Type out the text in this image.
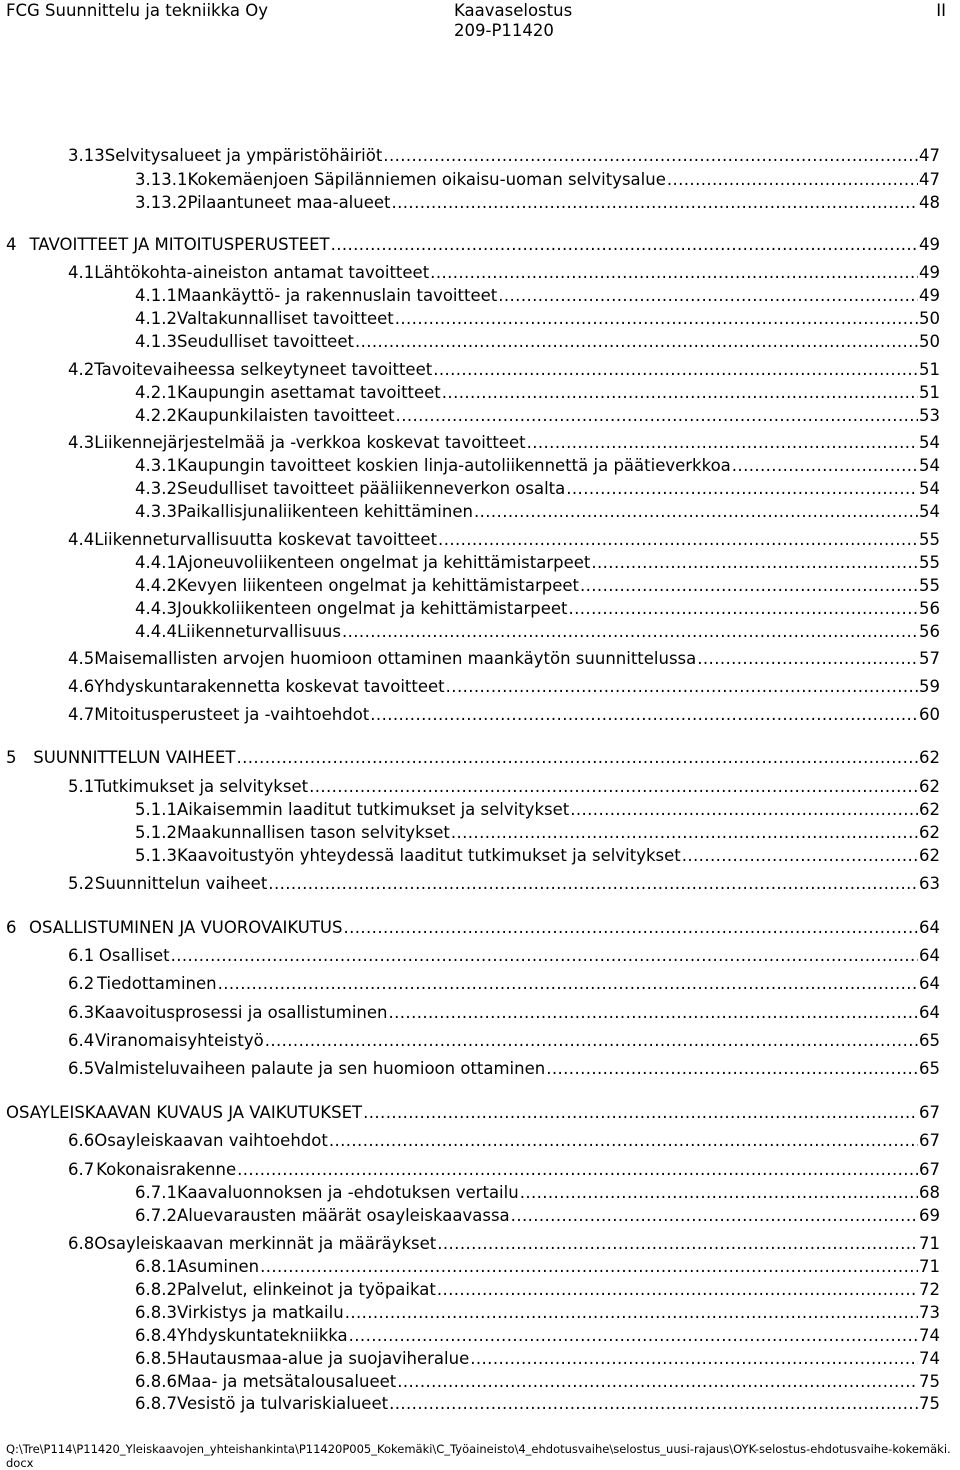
FCG Suunnittelu ja tekniikka Oy	Kaavaselostus
209-P11420
II
3.13 Selvitysalueet ja ympäristöhäiriöt .....	47
3.13.1 Kokemäenjoen Säpilänniemen oikaisu-uoman selvitysalue .....	47
3.13.2 Pilaantuneet maa-alueet .....	48
4 TAVOITTEET JA MITOITUSPERUSTEET .....	49
4.1 Lähtökohta-aineiston antamat tavoitteet .....	49
4.1.1 Maankäyttö- ja rakennuslain tavoitteet .....	49
4.1.2 Valtakunnalliset tavoitteet .....	50
4.1.3 Seudulliset tavoitteet .....	50
4.2 Tavoitevaiheessa selkeytyneet tavoitteet .....	51
4.2.1 Kaupungin asettamat tavoitteet .....	51
4.2.2 Kaupunkilaisten tavoitteet .....	53
4.3 Liikennejärjestelmää ja -verkkoa koskevat tavoitteet .....	54
4.3.1 Kaupungin tavoitteet koskien linja-autoliikennettä ja päätieverkkoa .....	54
4.3.2 Seudulliset tavoitteet pääliikenneverkon osalta .....	54
4.3.3 Paikallisjunaliikenteen kehittäminen .....	54
4.4 Liikenneturvallisuutta koskevat tavoitteet .....	55
4.4.1 Ajoneuvoliikenteen ongelmat ja kehittämistarpeet .....	55
4.4.2 Kevyen liikenteen ongelmat ja kehittämistarpeet .....	55
4.4.3 Joukkoliikenteen ongelmat ja kehittämistarpeet .....	56
4.4.4 Liikenneturvallisuus .....	56
4.5 Maisemallisten arvojen huomioon ottaminen maankäytön suunnittelussa .....	57
4.6 Yhdyskuntarakennetta koskevat tavoitteet .....	59
4.7 Mitoitusperusteet ja -vaihtoehdot .....	60
5	SUUNNITTELUN VAIHEET .....	62
5.1 Tutkimukset ja selvitykset .....	62
5.1.1 Aikaisemmin laaditut tutkimukset ja selvitykset .....	62
5.1.2 Maakunnallisen tason selvitykset .....	62
5.1.3 Kaavoitustyön yhteydessä laaditut tutkimukset ja selvitykset .....	62
5.2 Suunnittelun vaiheet .....	63
6 OSALLISTUMINEN JA VUOROVAIKUTUS .....	64
6.1 Osalliset .....	64
6.2 Tiedottaminen .....	64
6.3 Kaavoitusprosessi ja osallistuminen .....	64
6.4 Viranomaisyhteistyö .....	65
6.5 Valmisteluvaiheen palaute ja sen huomioon ottaminen .....	65
OSAYLEISKAAVAN KUVAUS JA VAIKUTUKSET .....	67
6.6 Osayleiskaavan vaihtoehdot .....	67
6.7 Kokonaisrakenne .....	67
6.7.1 Kaavaluonnoksen ja -ehdotuksen vertailu .....	68
6.7.2 Aluevarausten määrät osayleiskaavassa .....	69
6.8 Osayleiskaavan merkinnät ja määräykset .....	71
6.8.1 Asuminen .....	71
6.8.2 Palvelut, elinkeinot ja työpaikat .....	72
6.8.3 Virkistys ja matkailu .....	73
6.8.4 Yhdyskuntatekniikka .....	74
6.8.5 Hautausmaa-alue ja suojaviheralue .....	74
6.8.6 Maa- ja metsätalousalueet .....	75
6.8.7 Vesistö ja tulvariskialueet .....	75
Q:\Tre\P114\P11420_Yleiskaavojen_yhteishankinta\P11420P005_Kokemäki\C_Työaineisto\4_ehdotusvaihe\selostus_uusi-rajaus\OYK-selostus-ehdotusvaihe-kokemäki.docx
